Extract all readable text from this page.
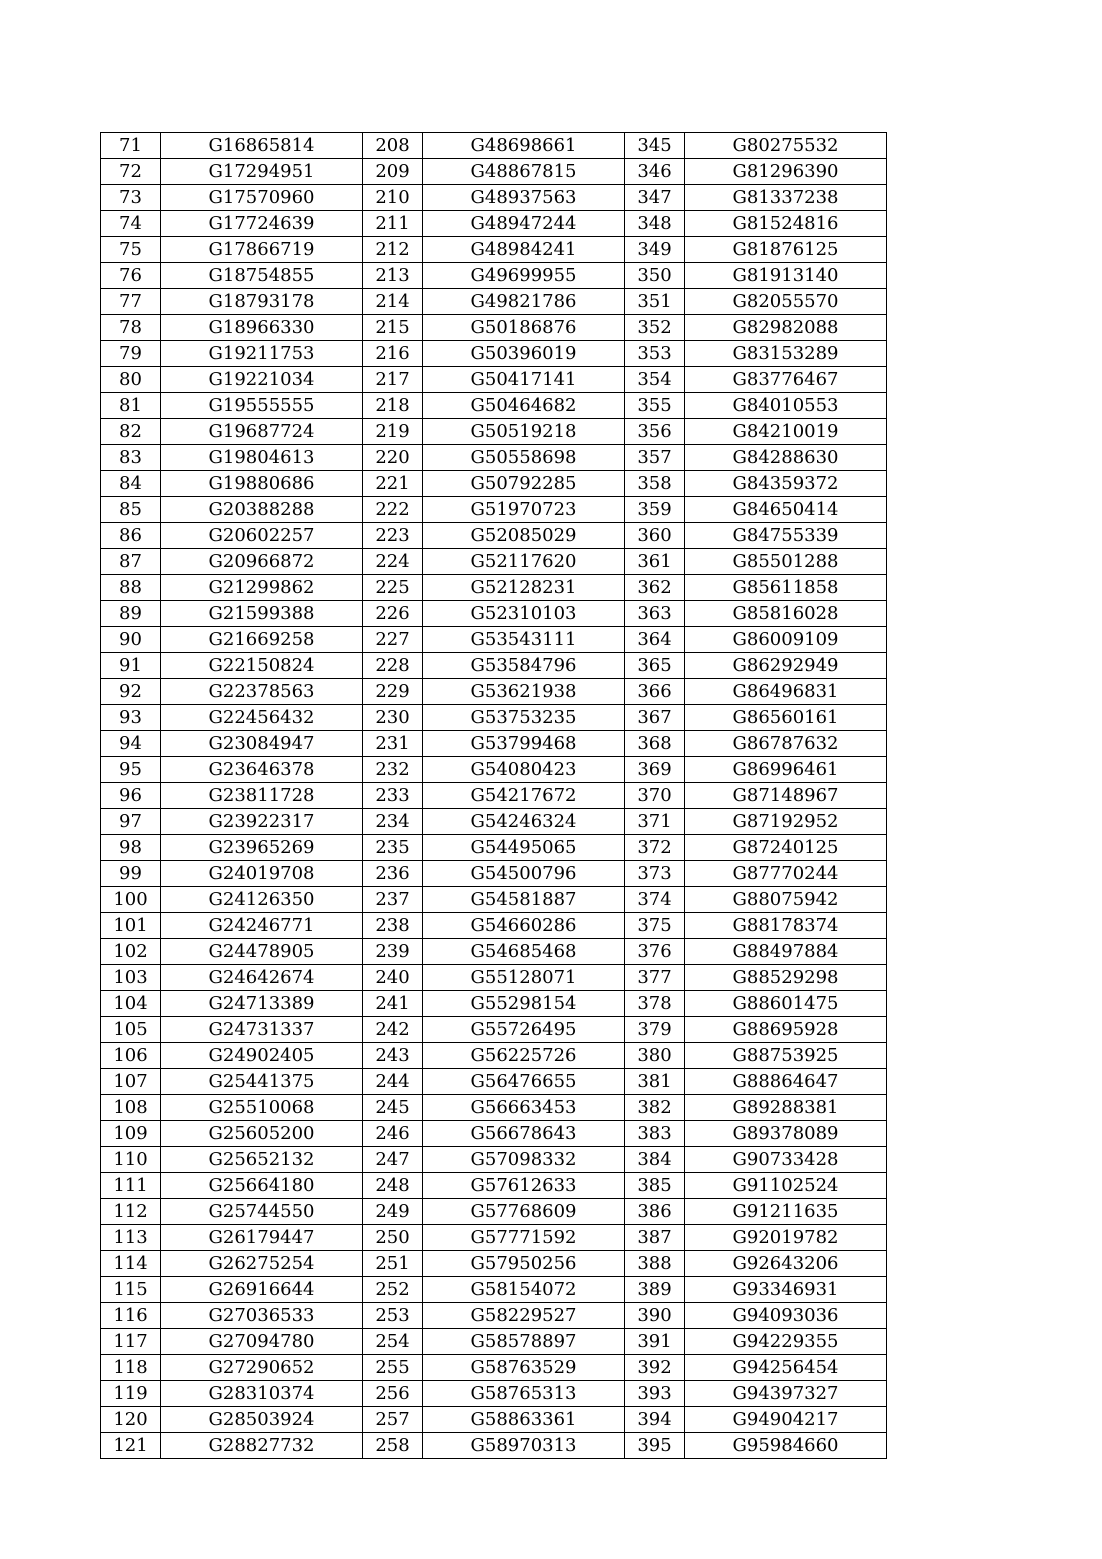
71	G16865814	208	G48698661	345	G80275532
72	G17294951	209	G48867815	346	G81296390
73	G17570960	210	G48937563	347	G81337238
74	G17724639	211	G48947244	348	G81524816
75	G17866719	212	G48984241	349	G81876125
76	G18754855	213	G49699955	350	G81913140
77	G18793178	214	G49821786	351	G82055570
78	G18966330	215	G50186876	352	G82982088
79	G19211753	216	G50396019	353	G83153289
80	G19221034	217	G50417141	354	G83776467
81	G19555555	218	G50464682	355	G84010553
82	G19687724	219	G50519218	356	G84210019
83	G19804613	220	G50558698	357	G84288630
84	G19880686	221	G50792285	358	G84359372
85	G20388288	222	G51970723	359	G84650414
86	G20602257	223	G52085029	360	G84755339
87	G20966872	224	G52117620	361	G85501288
88	G21299862	225	G52128231	362	G85611858
89	G21599388	226	G52310103	363	G85816028
90	G21669258	227	G53543111	364	G86009109
91	G22150824	228	G53584796	365	G86292949
92	G22378563	229	G53621938	366	G86496831
93	G22456432	230	G53753235	367	G86560161
94	G23084947	231	G53799468	368	G86787632
95	G23646378	232	G54080423	369	G86996461
96	G23811728	233	G54217672	370	G87148967
97	G23922317	234	G54246324	371	G87192952
98	G23965269	235	G54495065	372	G87240125
99	G24019708	236	G54500796	373	G87770244
100	G24126350	237	G54581887	374	G88075942
101	G24246771	238	G54660286	375	G88178374
102	G24478905	239	G54685468	376	G88497884
103	G24642674	240	G55128071	377	G88529298
104	G24713389	241	G55298154	378	G88601475
105	G24731337	242	G55726495	379	G88695928
106	G24902405	243	G56225726	380	G88753925
107	G25441375	244	G56476655	381	G88864647
108	G25510068	245	G56663453	382	G89288381
109	G25605200	246	G56678643	383	G89378089
110	G25652132	247	G57098332	384	G90733428
111	G25664180	248	G57612633	385	G91102524
112	G25744550	249	G57768609	386	G91211635
113	G26179447	250	G57771592	387	G92019782
114	G26275254	251	G57950256	388	G92643206
115	G26916644	252	G58154072	389	G93346931
116	G27036533	253	G58229527	390	G94093036
117	G27094780	254	G58578897	391	G94229355
118	G27290652	255	G58763529	392	G94256454
119	G28310374	256	G58765313	393	G94397327
120	G28503924	257	G58863361	394	G94904217
121	G28827732	258	G58970313	395	G95984660
